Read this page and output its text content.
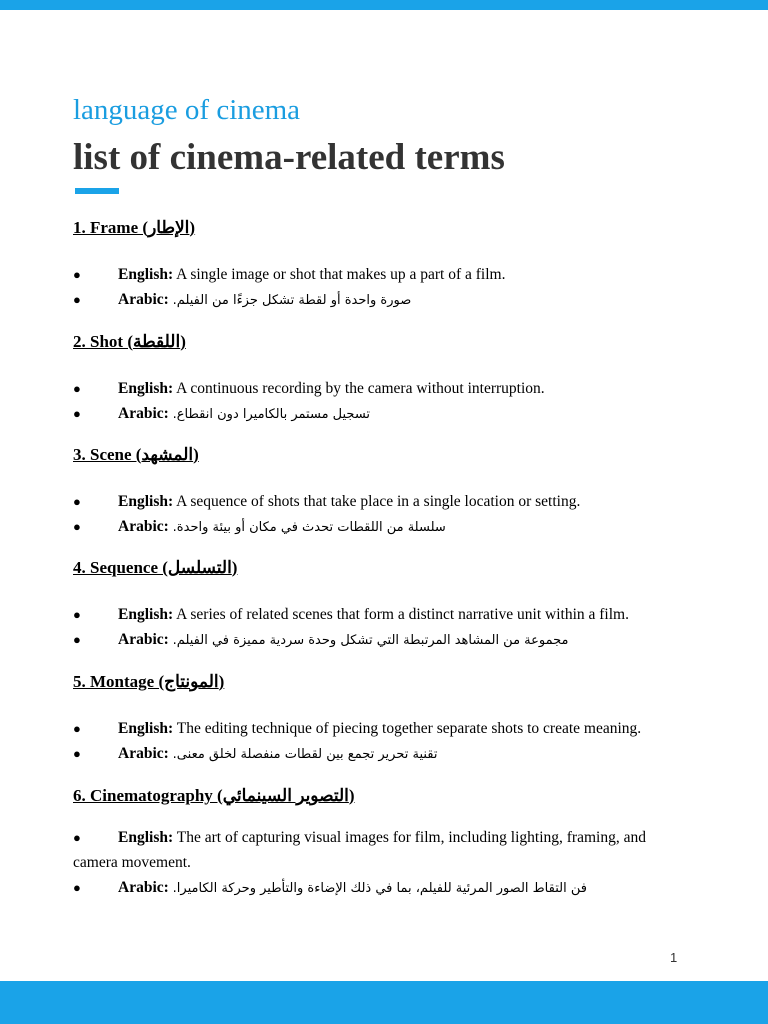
language of cinema
list of cinema-related terms

1. Frame (الإطار)

●	English: A single image or shot that makes up a part of a film.

●	Arabic: صورة واحدة أو لقطة تشكل جزءًا من الفيلم.

2. Shot (اللقطة)

●	English: A continuous recording by the camera without interruption.

●	Arabic: تسجيل مستمر بالكاميرا دون انقطاع.

3. Scene (المشهد)

●	English: A sequence of shots that take place in a single location or setting.

●	Arabic: سلسلة من اللقطات تحدث في مكان أو بيئة واحدة.

4. Sequence (التسلسل)

●	English: A series of related scenes that form a distinct narrative unit within a film.

●	Arabic: مجموعة من المشاهد المرتبطة التي تشكل وحدة سردية مميزة في الفيلم.

5. Montage (المونتاج)

●	English: The editing technique of piecing together separate shots to create meaning.

●	Arabic: تقنية تحرير تجمع بين لقطات منفصلة لخلق معنى.

6. Cinematography (التصوير السينمائي)

●	English: The art of capturing visual images for film, including lighting, framing, and camera movement.

●	Arabic: فن التقاط الصور المرئية للفيلم، بما في ذلك الإضاءة والتأطير وحركة الكاميرا.

1
